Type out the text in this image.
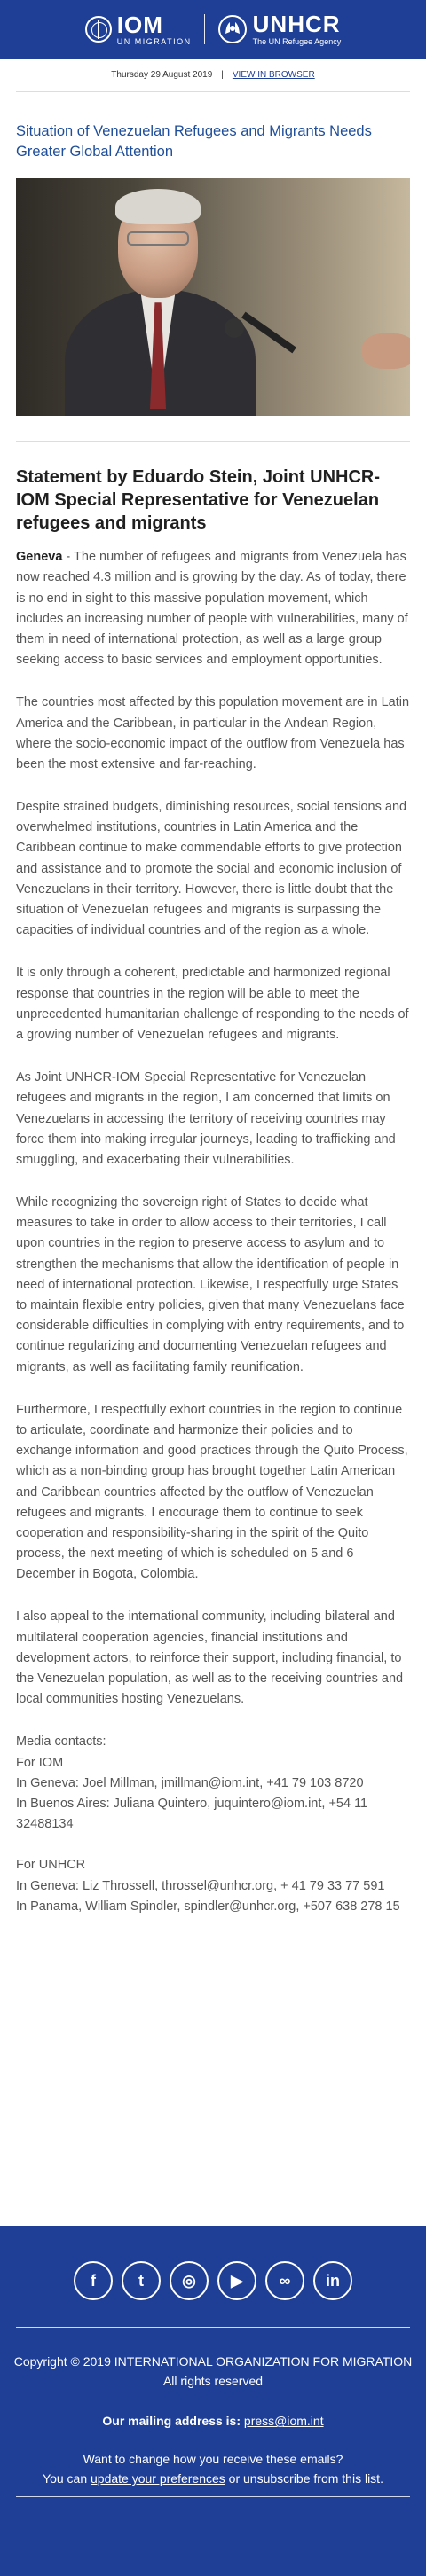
IOM
UN MIGRATION
UNHCR
The UN Refugee Agency
Thursday 29 August 2019 | VIEW IN BROWSER
Situation of Venezuelan Refugees and Migrants Needs Greater Global Attention
Statement by Eduardo Stein, Joint UNHCR-IOM Special Representative for Venezuelan refugees and migrants

Geneva - The number of refugees and migrants from Venezuela has now reached 4.3 million and is growing by the day. As of today, there is no end in sight to this massive population movement, which includes an increasing number of people with vulnerabilities, many of them in need of international protection, as well as a large group seeking access to basic services and employment opportunities.

The countries most affected by this population movement are in Latin America and the Caribbean, in particular in the Andean Region, where the socio-economic impact of the outflow from Venezuela has been the most extensive and far-reaching.

Despite strained budgets, diminishing resources, social tensions and overwhelmed institutions, countries in Latin America and the Caribbean continue to make commendable efforts to give protection and assistance and to promote the social and economic inclusion of Venezuelans in their territory. However, there is little doubt that the situation of Venezuelan refugees and migrants is surpassing the capacities of individual countries and of the region as a whole.

It is only through a coherent, predictable and harmonized regional response that countries in the region will be able to meet the unprecedented humanitarian challenge of responding to the needs of a growing number of Venezuelan refugees and migrants.

As Joint UNHCR-IOM Special Representative for Venezuelan refugees and migrants in the region, I am concerned that limits on Venezuelans in accessing the territory of receiving countries may force them into making irregular journeys, leading to trafficking and smuggling, and exacerbating their vulnerabilities.

While recognizing the sovereign right of States to decide what measures to take in order to allow access to their territories, I call upon countries in the region to preserve access to asylum and to strengthen the mechanisms that allow the identification of people in need of international protection. Likewise, I respectfully urge States to maintain flexible entry policies, given that many Venezuelans face considerable difficulties in complying with entry requirements, and to continue regularizing and documenting Venezuelan refugees and migrants, as well as facilitating family reunification.

Furthermore, I respectfully exhort countries in the region to continue to articulate, coordinate and harmonize their policies and to exchange information and good practices through the Quito Process, which as a non-binding group has brought together Latin American and Caribbean countries affected by the outflow of Venezuelan refugees and migrants. I encourage them to continue to seek cooperation and responsibility-sharing in the spirit of the Quito process, the next meeting of which is scheduled on 5 and 6 December in Bogota, Colombia.

I also appeal to the international community, including bilateral and multilateral cooperation agencies, financial institutions and development actors, to reinforce their support, including financial, to the Venezuelan population, as well as to the receiving countries and local communities hosting Venezuelans.

Media contacts:

For IOM

In Geneva: Joel Millman, jmillman@iom.int, +41 79 103 8720

In Buenos Aires: Juliana Quintero, juquintero@iom.int, +54 11 32488134

For UNHCR

In Geneva: Liz Throssell, throssel@unhcr.org, + 41 79 33 77 591

In Panama, William Spindler, spindler@unhcr.org, +507 638 278 15

f	t	◎	▶	∞	in
Copyright © 2019 INTERNATIONAL ORGANIZATION FOR MIGRATION
All rights reserved
Our mailing address is: press@iom.int
Want to change how you receive these emails?
You can update your preferences or unsubscribe from this list.
